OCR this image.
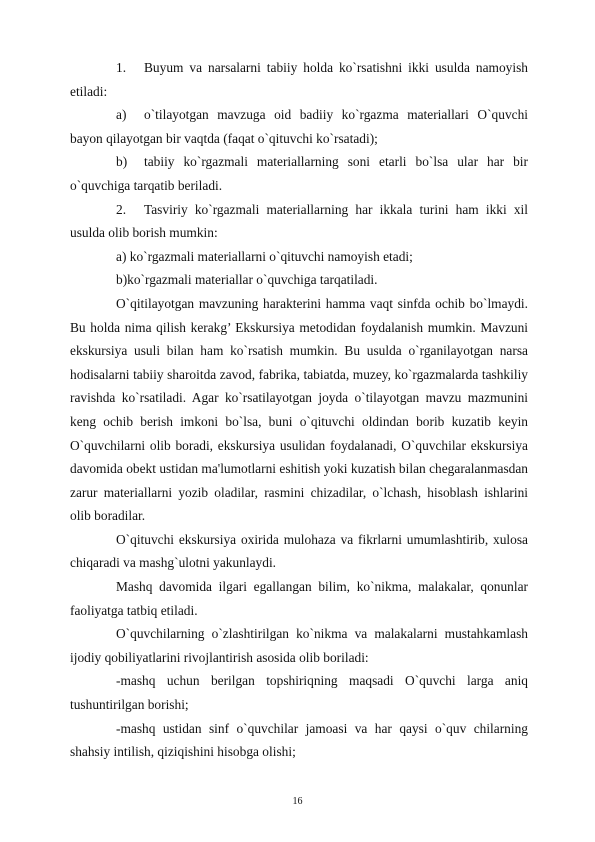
1. Buyum va narsalarni tabiiy holda ko`rsatishni ikki usulda namoyish etiladi:

a) o`tilayotgan mavzuga oid badiiy ko`rgazma materiallari O`quvchi bayon qilayotgan bir vaqtda (faqat o`qituvchi ko`rsatadi);

b) tabiiy ko`rgazmali materiallarning soni etarli bo`lsa ular har bir o`quvchiga tarqatib beriladi.

2. Tasviriy ko`rgazmali materiallarning har ikkala turini ham ikki xil usulda olib borish mumkin:

a) ko`rgazmali materiallarni o`qituvchi namoyish etadi;

b)ko`rgazmali materiallar o`quvchiga tarqatiladi.

O`qitilayotgan mavzuning harakterini hamma vaqt sinfda ochib bo`lmaydi. Bu holda nima qilish kerakg’ Ekskursiya metodidan foydalanish mumkin. Mavzuni ekskursiya usuli bilan ham ko`rsatish mumkin. Bu usulda o`rganilayotgan narsa hodisalarni tabiiy sharoitda zavod, fabrika, tabiatda, muzey, ko`rgazmalarda tashkiliy ravishda ko`rsatiladi. Agar ko`rsatilayotgan joyda o`tilayotgan mavzu mazmunini keng ochib berish imkoni bo`lsa, buni o`qituvchi oldindan borib kuzatib keyin O`quvchilarni olib boradi, ekskursiya usulidan foydalanadi, O`quvchilar ekskursiya davomida obekt ustidan ma'lumotlarni eshitish yoki kuzatish bilan chegaralanmasdan zarur materiallarni yozib oladilar, rasmini chizadilar, o`lchash, hisoblash ishlarini olib boradilar.

O`qituvchi ekskursiya oxirida mulohaza va fikrlarni umumlashtirib, xulosa chiqaradi va mashg`ulotni yakunlaydi.

Mashq davomida ilgari egallangan bilim, ko`nikma, malakalar, qonunlar faoliyatga tatbiq etiladi.

O`quvchilarning o`zlashtirilgan ko`nikma va malakalarni mustahkamlash ijodiy qobiliyatlarini rivojlantirish asosida olib boriladi:

-mashq uchun berilgan topshiriqning maqsadi O`quvchi larga aniq tushuntirilgan borishi;

-mashq ustidan sinf o`quvchilar jamoasi va har qaysi o`quv chilarning shahsiy intilish, qiziqishini hisobga olishi;

16
